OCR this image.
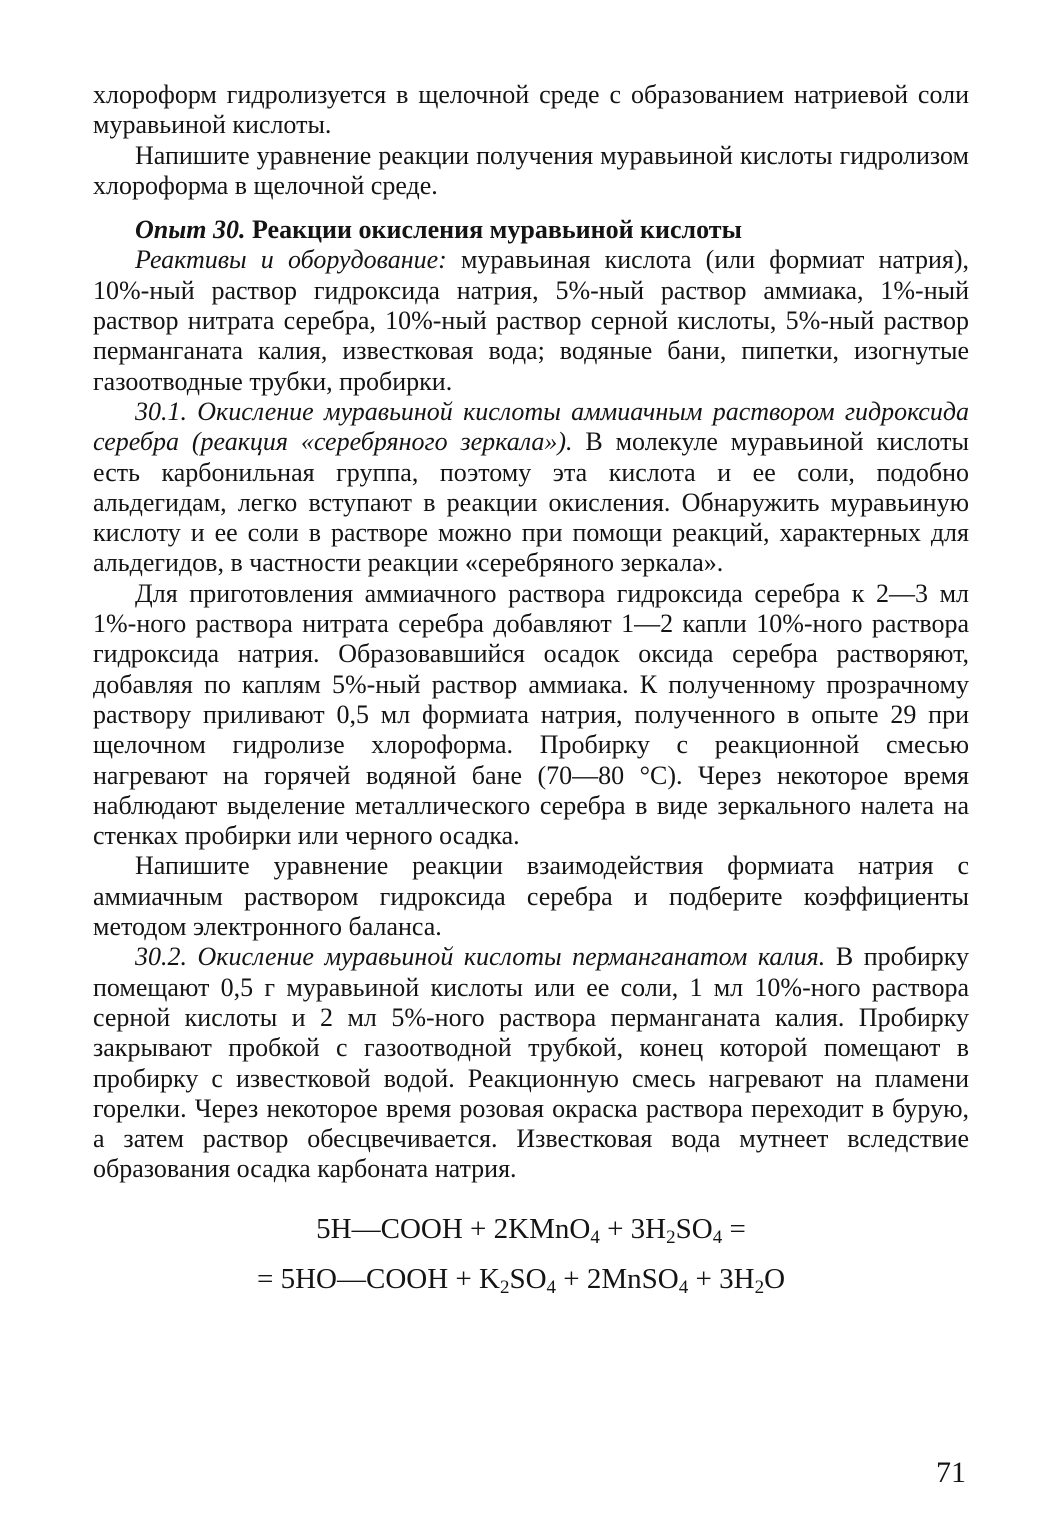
хлороформ гидролизуется в щелочной среде с образованием натриевой соли муравьиной кислоты.

Напишите уравнение реакции получения муравьиной кислоты гидролизом хлороформа в щелочной среде.

Опыт 30. Реакции окисления муравьиной кислоты

Реактивы и оборудование: муравьиная кислота (или формиат натрия), 10%-ный раствор гидроксида натрия, 5%-ный раствор аммиака, 1%-ный раствор нитрата серебра, 10%-ный раствор серной кислоты, 5%-ный раствор перманганата калия, известковая вода; водяные бани, пипетки, изогнутые газоотводные трубки, пробирки.

30.1. Окисление муравьиной кислоты аммиачным раствором гидроксида серебра (реакция «серебряного зеркала»). В молекуле муравьиной кислоты есть карбонильная группа, поэтому эта кислота и ее соли, подобно альдегидам, легко вступают в реакции окисления. Обнаружить муравьиную кислоту и ее соли в растворе можно при помощи реакций, характерных для альдегидов, в частности реакции «серебряного зеркала».

Для приготовления аммиачного раствора гидроксида серебра к 2—3 мл 1%-ного раствора нитрата серебра добавляют 1—2 капли 10%-ного раствора гидроксида натрия. Образовавшийся осадок оксида серебра растворяют, добавляя по каплям 5%-ный раствор аммиака. К полученному прозрачному раствору приливают 0,5 мл формиата натрия, полученного в опыте 29 при щелочном гидролизе хлороформа. Пробирку с реакционной смесью нагревают на горячей водяной бане (70—80 °С). Через некоторое время наблюдают выделение металлического серебра в виде зеркального налета на стенках пробирки или черного осадка.

Напишите уравнение реакции взаимодействия формиата натрия с аммиачным раствором гидроксида серебра и подберите коэффициенты методом электронного баланса.

30.2. Окисление муравьиной кислоты перманганатом калия. В пробирку помещают 0,5 г муравьиной кислоты или ее соли, 1 мл 10%-ного раствора серной кислоты и 2 мл 5%-ного раствора перманганата калия. Пробирку закрывают пробкой с газоотводной трубкой, конец которой помещают в пробирку с известковой водой. Реакционную смесь нагревают на пламени горелки. Через некоторое время розовая окраска раствора переходит в бурую, а затем раствор обесцвечивается. Известковая вода мутнеет вследствие образования осадка карбоната натрия.

5H—COOH + 2KMnO$_4$ + $3H_2SO_4$ =

= 5HO—COOH + $K_2SO_4$ + 2MnSO$_4$ + $3H_2O$

71
